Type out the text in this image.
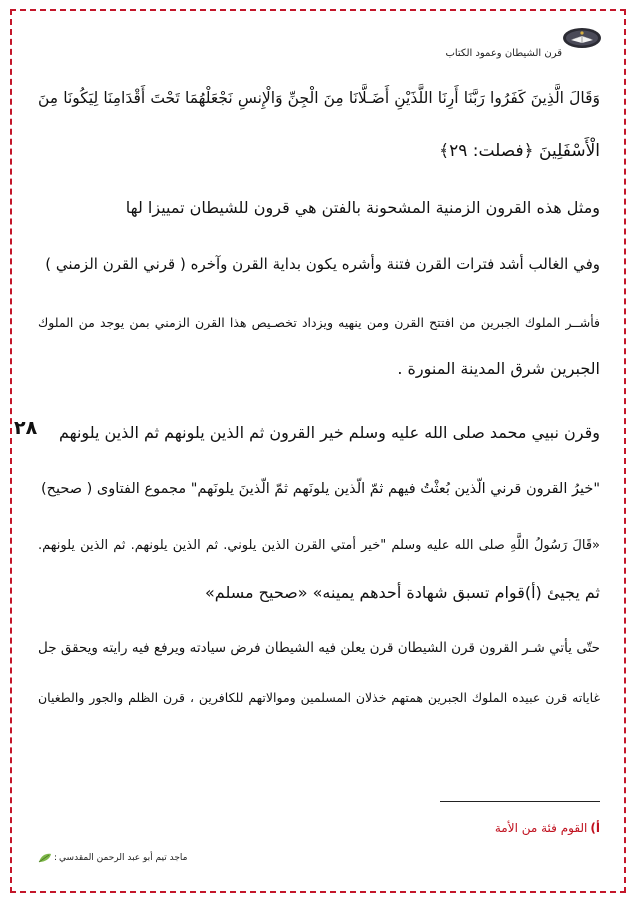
قرن الشيطان وعمود الكتاب
وَقَالَ الَّذِينَ كَفَرُوا رَبَّنَا أَرِنَا اللَّذَيْنِ أَضَـلَّانَا مِنَ الْجِنِّ وَالْإِنسِ نَجْعَلْهُمَا تَحْتَ أَقْدَامِنَا لِيَكُونَا مِنَ
الْأَسْفَلِينَ ﴿فصلت: ٢٩﴾
ومثل هذه القرون الزمنية المشحونة بالفتن هي قرون للشيطان تمييزا لها
وفي الغالب أشد فترات القرن فتنة وأشره يكون بداية القرن وآخره ( قرني القرن الزمني )
فأشــر الملوك الجبرين من افتتح القرن ومن ينهيه ويزداد تخصـيص هذا القرن الزمني بمن يوجد من الملوك
الجبرين شرق المدينة المنورة .
وقرن نبيي محمد صلى الله عليه وسلم خير القرون ثم الذين يلونهم ثم الذين يلونهم
"خيرُ القرون قرني الّذين بُعثْتُ فيهم ثمّ الّذين يلونَهم ثمّ الّذينَ يلونَهم" مجموع الفتاوى ( صحيح)
«قَالَ رَسُولُ اللَّهِ صلى الله عليه وسلم "خير أمتي القرن الذين يلوني. ثم الذين يلونهم. ثم الذين يلونهم.
ثم يجيئ (أ)قوام تسبق شهادة أحدهم يمينه» «صحيح مسلم»
حتّى يأتي شـر القرون قرن الشيطان قرن يعلن فيه الشيطان فرض سيادته ويرفع فيه رايته ويحقق جل
غاياته قرن عبيده الملوك الجبرين همتهم خذلان المسلمين وموالاتهم للكافرين ، قرن الظلم والجور والطغيان
٢٨
أ)القوم فئة من الأمة
ماجد تيم أبو عبد الرحمن المقدسي
:
